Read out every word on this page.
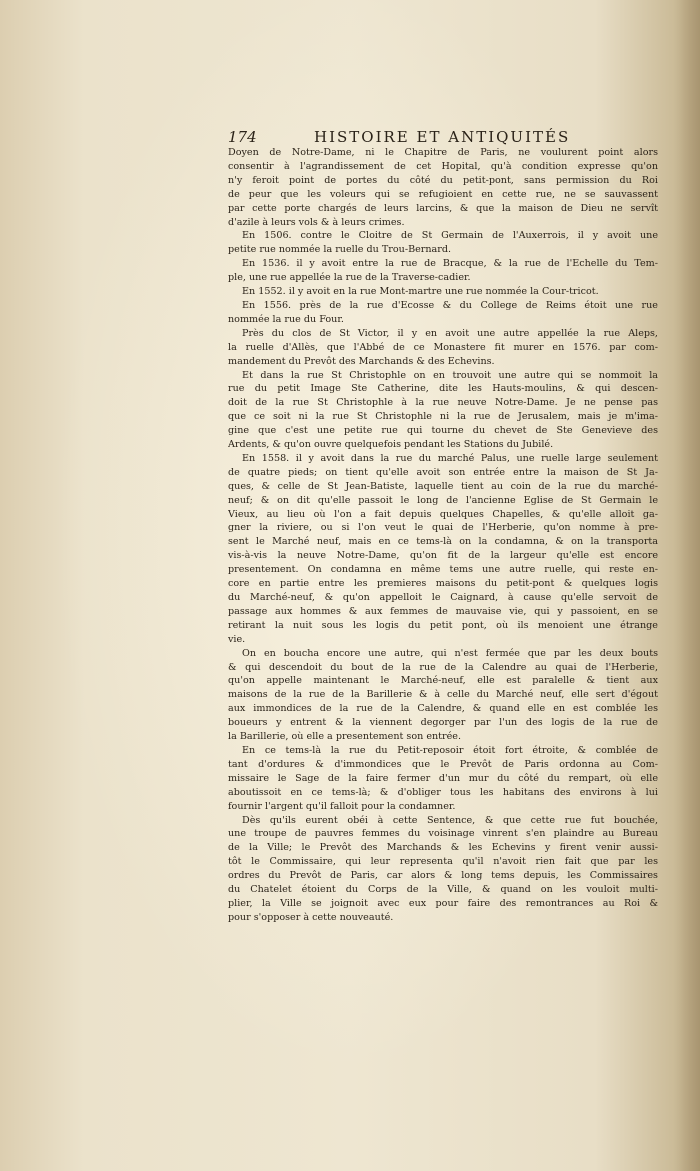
174	HISTOIRE ET ANTIQUITÉS
Doyen de Notre-Dame, ni le Chapitre de Paris, ne voulurent point alors
consentir à l'agrandissement de cet Hopital, qu'à condition expresse qu'on
n'y feroit point de portes du côté du petit-pont, sans permission du Roi
de peur que les voleurs qui se refugioient en cette rue, ne se sauvassent
par cette porte chargés de leurs larcins, & que la maison de Dieu ne servît
d'azile à leurs vols & à leurs crimes.
En 1506. contre le Cloitre de St Germain de l'Auxerrois, il y avoit une
petite rue nommée la ruelle du Trou-Bernard.
En 1536. il y avoit entre la rue de Bracque, & la rue de l'Echelle du Tem-
ple, une rue appellée la rue de la Traverse-cadier.
En 1552. il y avoit en la rue Mont-martre une rue nommée la Cour-tricot.
En 1556. près de la rue d'Ecosse & du College de Reims étoit une rue
nommée la rue du Four.
Près du clos de St Victor, il y en avoit une autre appellée la rue Aleps,
la ruelle d'Allès, que l'Abbé de ce Monastere fit murer en 1576. par com-
mandement du Prevôt des Marchands & des Echevins.
Et dans la rue St Christophle on en trouvoit une autre qui se nommoit la
rue du petit Image Ste Catherine, dite les Hauts-moulins, & qui descen-
doit de la rue St Christophle à la rue neuve Notre-Dame. Je ne pense pas
que ce soit ni la rue St Christophle ni la rue de Jerusalem, mais je m'ima-
gine que c'est une petite rue qui tourne du chevet de Ste Genevieve des
Ardents, & qu'on ouvre quelquefois pendant les Stations du Jubilé.
En 1558. il y avoit dans la rue du marché Palus, une ruelle large seulement
de quatre pieds; on tient qu'elle avoit son entrée entre la maison de St Ja-
ques, & celle de St Jean-Batiste, laquelle tient au coin de la rue du marché-
neuf; & on dit qu'elle passoit le long de l'ancienne Eglise de St Germain le
Vieux, au lieu où l'on a fait depuis quelques Chapelles, & qu'elle alloit ga-
gner la riviere, ou si l'on veut le quai de l'Herberie, qu'on nomme à pre-
sent le Marché neuf, mais en ce tems-là on la condamna, & on la transporta
vis-à-vis la neuve Notre-Dame, qu'on fit de la largeur qu'elle est encore
presentement. On condamna en même tems une autre ruelle, qui reste en-
core en partie entre les premieres maisons du petit-pont & quelques logis
du Marché-neuf, & qu'on appelloit le Caignard, à cause qu'elle servoit de
passage aux hommes & aux femmes de mauvaise vie, qui y passoient, en se
retirant la nuit sous les logis du petit pont, où ils menoient une étrange
vie.
On en boucha encore une autre, qui n'est fermée que par les deux bouts
& qui descendoit du bout de la rue de la Calendre au quai de l'Herberie,
qu'on appelle maintenant le Marché-neuf, elle est paralelle & tient aux
maisons de la rue de la Barillerie & à celle du Marché neuf, elle sert d'égout
aux immondices de la rue de la Calendre, & quand elle en est comblée les
boueurs y entrent & la viennent degorger par l'un des logis de la rue de
la Barillerie, où elle a presentement son entrée.
En ce tems-là la rue du Petit-reposoir étoit fort étroite, & comblée de
tant d'ordures & d'immondices que le Prevôt de Paris ordonna au Com-
missaire le Sage de la faire fermer d'un mur du côté du rempart, où elle
aboutissoit en ce tems-là; & d'obliger tous les habitans des environs à lui
fournir l'argent qu'il falloit pour la condamner.
Dès qu'ils eurent obéi à cette Sentence, & que cette rue fut bouchée,
une troupe de pauvres femmes du voisinage vinrent s'en plaindre au Bureau
de la Ville; le Prevôt des Marchands & les Echevins y firent venir aussi-
tôt le Commissaire, qui leur representa qu'il n'avoit rien fait que par les
ordres du Prevôt de Paris, car alors & long tems depuis, les Commissaires
du Chatelet étoient du Corps de la Ville, & quand on les vouloit multi-
plier, la Ville se joignoit avec eux pour faire des remontrances au Roi &
pour s'opposer à cette nouveauté.
